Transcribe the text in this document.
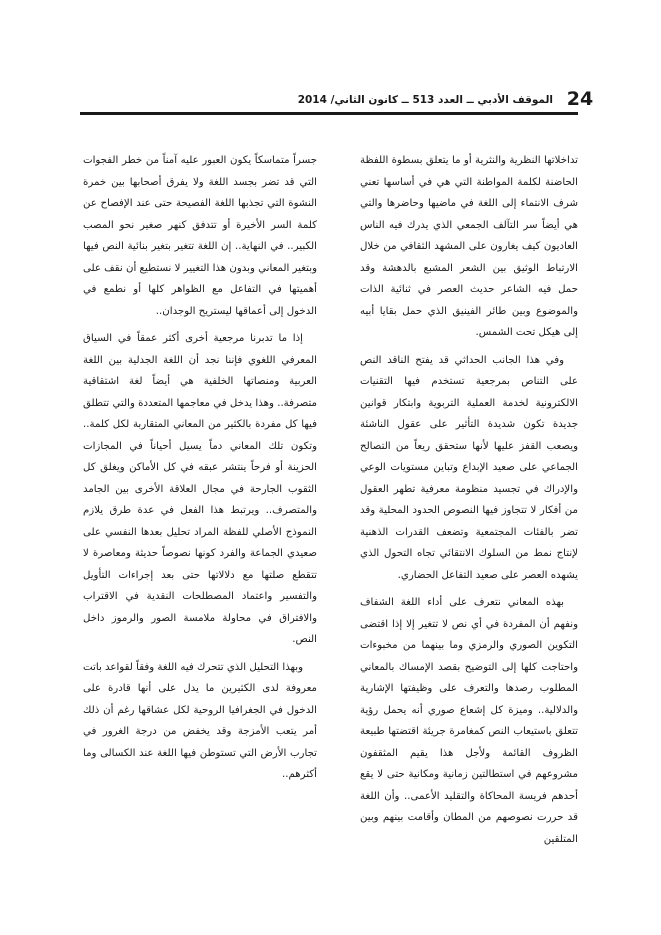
24
الموقف الأدبي ــ العدد 513 ــ كانون الثاني/ 2014

تداخلاتها النظرية والنثرية أو ما يتعلق بسطوة اللفظة الحاضنة لكلمة المواطنة التي هي في أساسها تعني شرف الانتماء إلى اللغة في ماضيها وحاضرها والتي هي أيضاً سر التآلف الجمعي الذي يدرك فيه الناس العاديون كيف يغارون على المشهد الثقافي من خلال الارتباط الوثيق بين الشعر المشبع بالدهشة وقد حمل فيه الشاعر حديث العصر في ثنائية الذات والموضوع وبين طائر الفينيق الذي حمل بقايا أبيه إلى هيكل تحت الشمس.

وفي هذا الجانب الحداثي قد يفتح الناقد النص على التناص بمرجعية تستخدم فيها التقنيات الالكترونية لخدمة العملية التربوية وابتكار قوانين جديدة تكون شديدة التأثير على عقول الناشئة ويصعب القفز عليها لأنها ستحقق ريعاً من التصالح الجماعي على صعيد الإبداع وتباين مستويات الوعي والإدراك في تجسيد منظومة معرفية تطهر العقول من أفكار لا تتجاوز فيها النصوص الحدود المحلية وقد تضر بالفئات المجتمعية وتضعف القدرات الذهنية لإنتاج نمط من السلوك الانتقائي تجاه التحول الذي يشهده العصر على صعيد التفاعل الحضاري.

بهذه المعاني نتعرف على أداء اللغة الشفاف ونفهم أن المفردة في أي نص لا تتغير إلا إذا اقتضى التكوين الصوري والرمزي وما بينهما من مخبوءات واحتاجت كلها إلى التوضيح بقصد الإمساك بالمعاني المطلوب رصدها والتعرف على وظيفتها الإشارية والدلالية.. وميزة كل إشعاع صوري أنه يحمل رؤية تتعلق باستيعاب النص كمغامرة جريئة اقتضتها طبيعة الظروف القائمة ولأجل هذا يقيم المثقفون مشروعهم في استطالتين زمانية ومكانية حتى لا يقع أحدهم فريسة المحاكاة والتقليد الأعمى.. وأن اللغة قد حررت نصوصهم من المطان وأقامت بينهم وبين المتلقين

جسراً متماسكاً يكون العبور عليه آمناً من خطر الفجوات التي قد تضر بجسد اللغة ولا يفرق أصحابها بين خمرة النشوة التي تجذبها اللغة الفصيحة حتى عند الإفصاح عن كلمة السر الأخيرة أو تتدفق كنهر صغير نحو المصب الكبير.. في النهاية.. إن اللغة تتغير بتغير بنائية النص فيها وبتغير المعاني وبدون هذا التغيير لا نستطيع أن نقف على أهميتها في التفاعل مع الظواهر كلها أو نطمع في الدخول إلى أعماقها ليستريح الوجدان..

إذا ما تدبرنا مرجعية أخرى أكثر عمقاً في السياق المعرفي اللغوي فإننا نجد أن اللغة الجدلية بين اللغة العربية ومنصاتها الخلفية هي أيضاً لغة اشتقاقية متصرفة.. وهذا يدخل في معاجمها المتعددة والتي تتطلق فيها كل مفردة بالكثير من المعاني المتقاربة لكل كلمة.. وتكون تلك المعاني دماً يسيل أحياناً في المجازات الحزينة أو فرحاً ينتشر عبقه في كل الأماكن ويغلق كل الثقوب الجارحة في مجال العلاقة الأخرى بين الجامد والمتصرف.. ويرتبط هذا الفعل في عدة طرق يلازم النموذج الأصلي للفظة المراد تحليل بعدها النفسي على صعيدي الجماعة والفرد كونها نصوصاً حديثة ومعاصرة لا تتقطع صلتها مع دلالاتها حتى بعد إجراءات التأويل والتفسير واعتماد المصطلحات النقدية في الاقتراب والافتراق في محاولة ملامسة الصور والرموز داخل النص.

وبهذا التحليل الذي تتحرك فيه اللغة وفقاً لقواعد باتت معروفة لدى الكثيرين ما يدل على أنها قادرة على الدخول في الجغرافيا الروحية لكل عشاقها رغم أن ذلك أمر يتعب الأمزجة وقد يخفض من درجة الغرور في تجارب الأرض التي تستوطن فيها اللغة عند الكسالى وما أكثرهم..
